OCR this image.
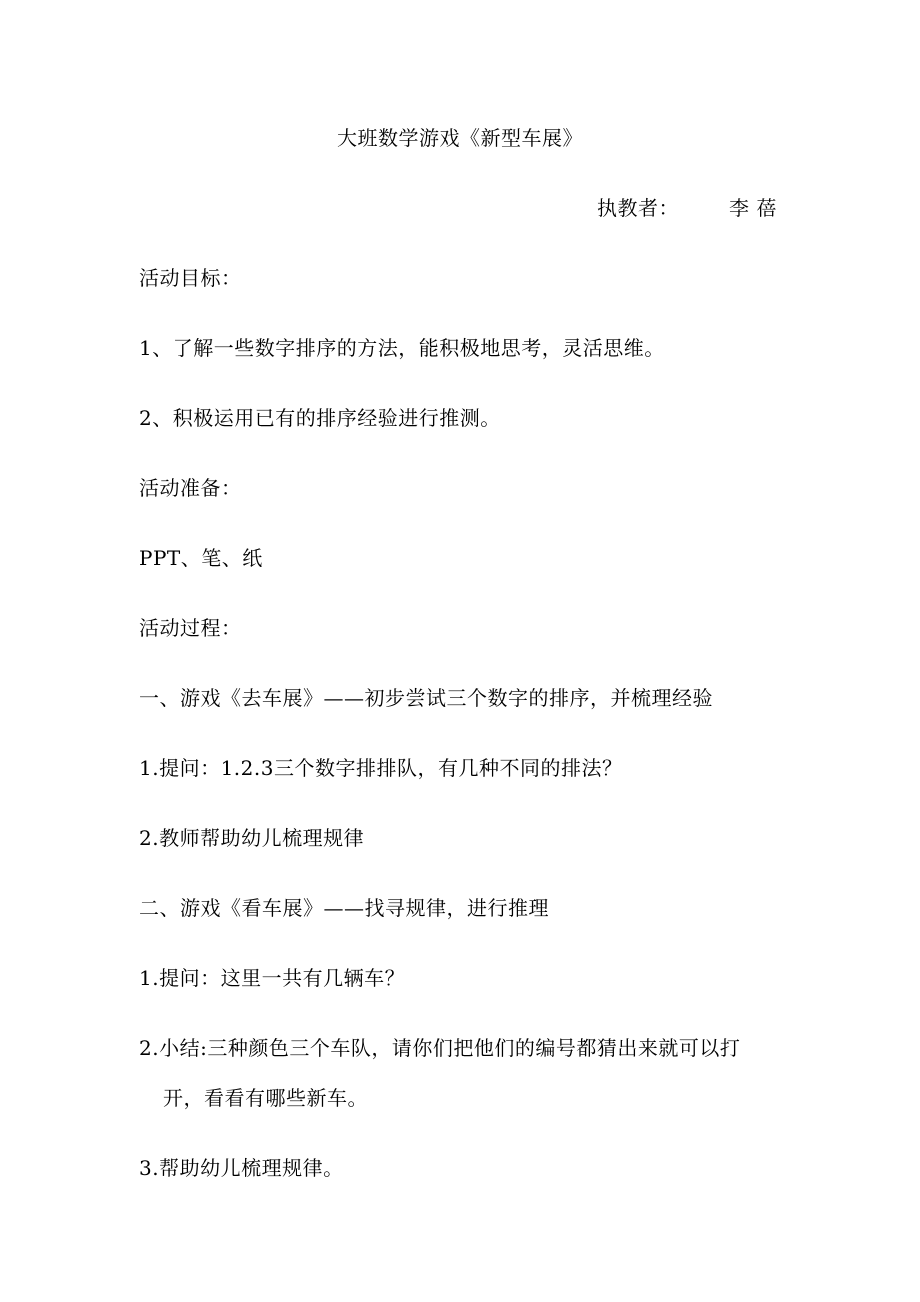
大班数学游戏《新型车展》
执教者：	李 蓓
活动目标：
1、了解一些数字排序的方法，能积极地思考，灵活思维。
2、积极运用已有的排序经验进行推测。
活动准备：
PPT、笔、纸
活动过程：
一、游戏《去车展》——初步尝试三个数字的排序，并梳理经验
1.提问：1.2.3三个数字排排队，有几种不同的排法？
2.教师帮助幼儿梳理规律
二、游戏《看车展》——找寻规律，进行推理
1.提问：这里一共有几辆车？
2.小结:三种颜色三个车队，请你们把他们的编号都猜出来就可以打
开，看看有哪些新车。
3.帮助幼儿梳理规律。
